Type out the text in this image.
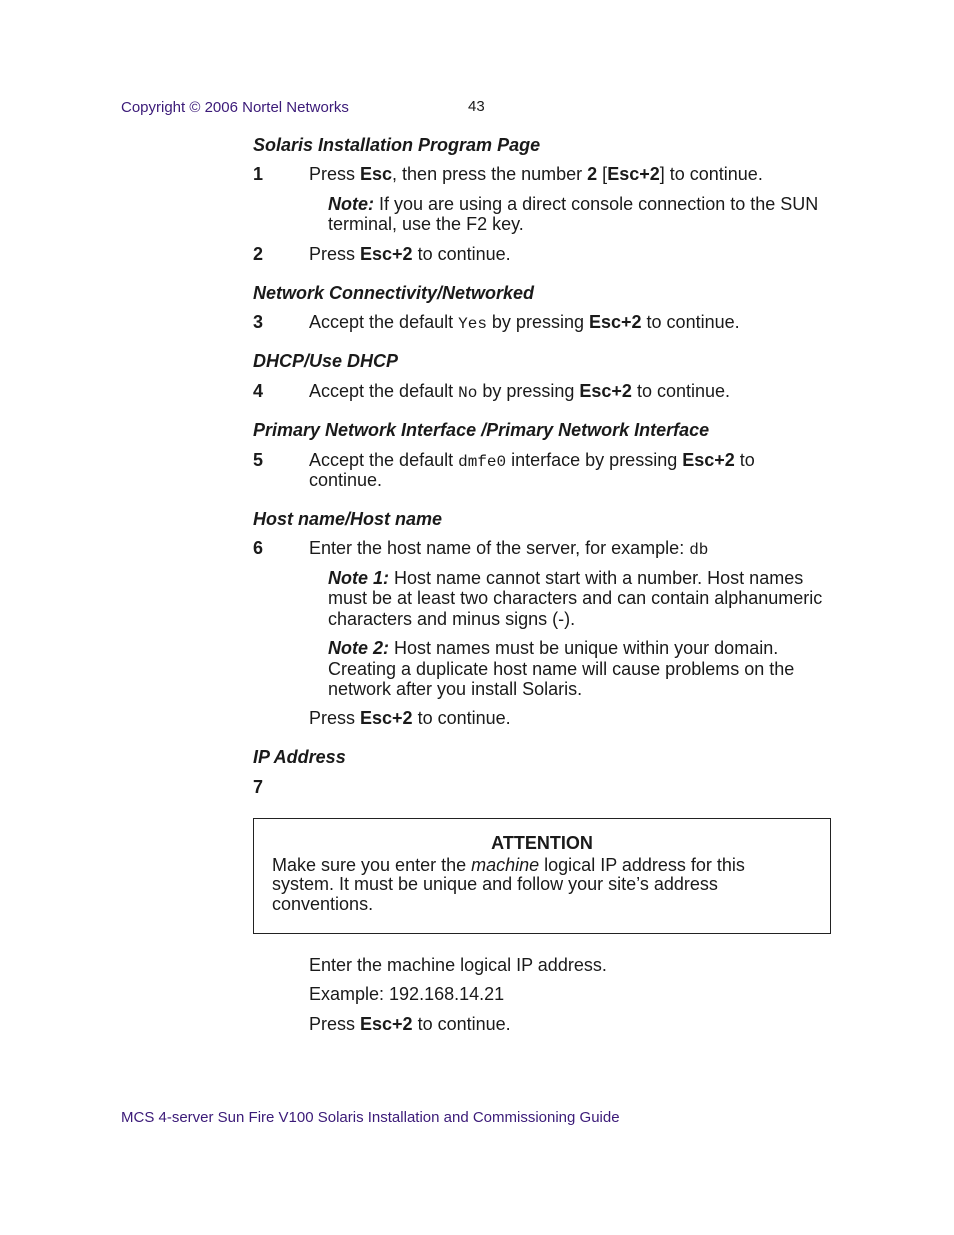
Copyright © 2006 Nortel Networks	43
Solaris Installation Program Page
1	Press Esc, then press the number 2 [Esc+2] to continue.
Note: If you are using a direct console connection to the SUN
terminal, use the F2 key.
2	Press Esc+2 to continue.
Network Connectivity/Networked
3	Accept the default Yes by pressing Esc+2 to continue.
DHCP/Use DHCP
4	Accept the default No by pressing Esc+2 to continue.
Primary Network Interface /Primary Network Interface
5	Accept the default dmfe0 interface by pressing Esc+2 to
continue.
Host name/Host name
6	Enter the host name of the server, for example: db
Note 1: Host name cannot start with a number. Host names
must be at least two characters and can contain alphanumeric
characters and minus signs (-).
Note 2: Host names must be unique within your domain.
Creating a duplicate host name will cause problems on the
network after you install Solaris.
Press Esc+2 to continue.
IP Address
7
ATTENTION
Make sure you enter the machine logical IP address for this
system. It must be unique and follow your site’s address
conventions.
Enter the machine logical IP address.
Example: 192.168.14.21
Press Esc+2 to continue.
MCS 4-server Sun Fire V100 Solaris Installation and Commissioning Guide
